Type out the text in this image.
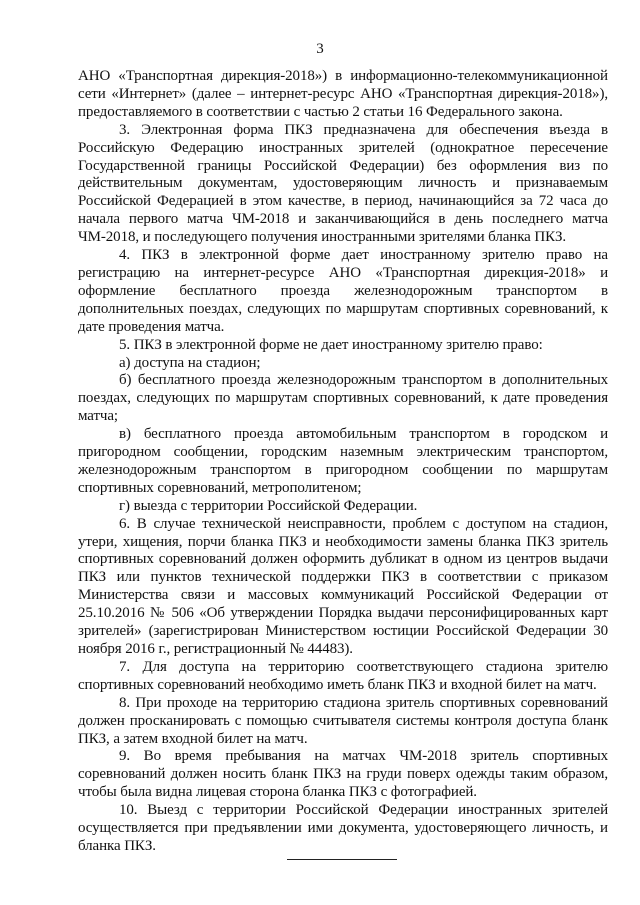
3

АНО «Транспортная дирекция-2018») в информационно-телекоммуникационной сети «Интернет» (далее – интернет-ресурс АНО «Транспортная дирекция-2018»), предоставляемого в соответствии с частью 2 статьи 16 Федерального закона.

3. Электронная форма ПКЗ предназначена для обеспечения въезда в Российскую Федерацию иностранных зрителей (однократное пересечение Государственной границы Российской Федерации) без оформления виз по действительным документам, удостоверяющим личность и признаваемым Российской Федерацией в этом качестве, в период, начинающийся за 72 часа до начала первого матча ЧМ-2018 и заканчивающийся в день последнего матча ЧМ-2018, и последующего получения иностранными зрителями бланка ПКЗ.

4. ПКЗ в электронной форме дает иностранному зрителю право на регистрацию на интернет-ресурсе АНО «Транспортная дирекция-2018» и оформление бесплатного проезда железнодорожным транспортом в дополнительных поездах, следующих по маршрутам спортивных соревнований, к дате проведения матча.

5. ПКЗ в электронной форме не дает иностранному зрителю право:

а) доступа на стадион;

б) бесплатного проезда железнодорожным транспортом в дополнительных поездах, следующих по маршрутам спортивных соревнований, к дате проведения матча;

в) бесплатного проезда автомобильным транспортом в городском и пригородном сообщении, городским наземным электрическим транспортом, железнодорожным транспортом в пригородном сообщении по маршрутам спортивных соревнований, метрополитеном;

г) выезда с территории Российской Федерации.

6. В случае технической неисправности, проблем с доступом на стадион, утери, хищения, порчи бланка ПКЗ и необходимости замены бланка ПКЗ зритель спортивных соревнований должен оформить дубликат в одном из центров выдачи ПКЗ или пунктов технической поддержки ПКЗ в соответствии с приказом Министерства связи и массовых коммуникаций Российской Федерации от 25.10.2016 № 506 «Об утверждении Порядка выдачи персонифицированных карт зрителей» (зарегистрирован Министерством юстиции Российской Федерации 30 ноября 2016 г., регистрационный № 44483).

7. Для доступа на территорию соответствующего стадиона зрителю спортивных соревнований необходимо иметь бланк ПКЗ и входной билет на матч.

8. При проходе на территорию стадиона зритель спортивных соревнований должен просканировать с помощью считывателя системы контроля доступа бланк ПКЗ, а затем входной билет на матч.

9. Во время пребывания на матчах ЧМ-2018 зритель спортивных соревнований должен носить бланк ПКЗ на груди поверх одежды таким образом, чтобы была видна лицевая сторона бланка ПКЗ с фотографией.

10. Выезд с территории Российской Федерации иностранных зрителей осуществляется при предъявлении ими документа, удостоверяющего личность, и бланка ПКЗ.
